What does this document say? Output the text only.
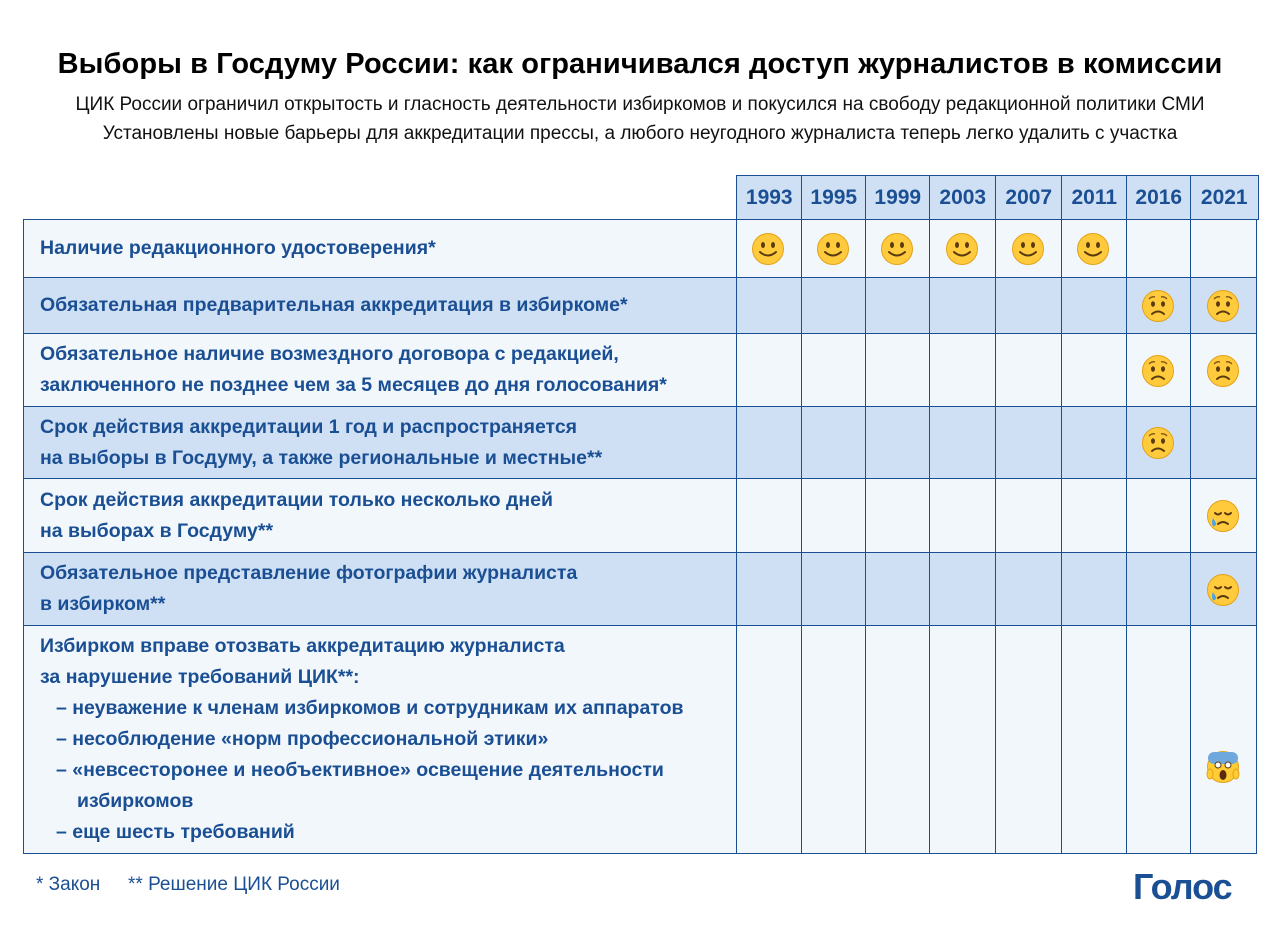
Выборы в Госдуму России: как ограничивался доступ журналистов в комиссии
ЦИК России ограничил открытость и гласность деятельности избиркомов и покусился на свободу редакционной политики СМИ
Установлены новые барьеры для аккредитации прессы, а любого неугодного журналиста теперь легко удалить с участка
1993 1995 1999 2003 2007 2011 2016 2021
Наличие редакционного удостоверения*
Обязательная предварительная аккредитация в избиркоме*
Обязательное наличие возмездного договора с редакцией,
заключенного не позднее чем за 5 месяцев до дня голосования*
Срок действия аккредитации 1 год и распространяется
на выборы в Госдуму, а также региональные и местные**
Срок действия аккредитации только несколько дней
на выборах в Госдуму**
Обязательное представление фотографии журналиста
в избирком**
Избирком вправе отозвать аккредитацию журналиста
за нарушение требований ЦИК**:
– неуважение к членам избиркомов и сотрудникам их аппаратов
– несоблюдение «норм профессиональной этики»
– «невсесторонее и необъективное» освещение деятельности
избиркомов
– еще шесть требований
* Закон ** Решение ЦИК России	Голос
